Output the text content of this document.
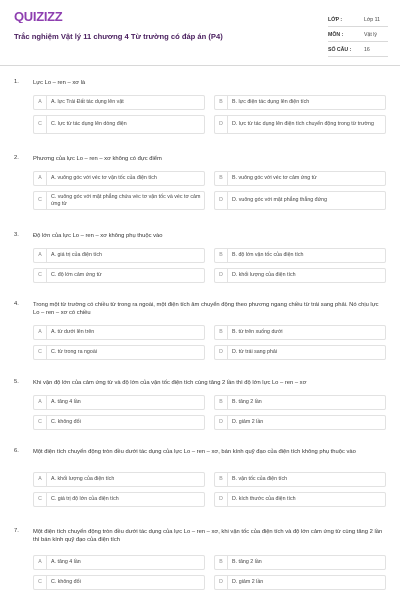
QUIZIZZ
Trắc nghiệm Vật lý 11 chương 4 Từ trường có đáp án (P4)
LỚP :	Lớp 11
MÔN :	Vật lý
SỐ CÂU : 16
1. Lực Lo – ren – xơ là
A	A. lực Trái Đất tác dụng lên vật	B	B. lực điện tác dụng lên điện tích
C	C. lực từ tác dụng lên dòng điện	D	D. lực từ tác dụng lên điện tích chuyển động trong từ trường
2. Phương của lực Lo – ren – xơ không có đực điểm
A	A. vuông góc với véc tơ vận tốc của điện tích	B	B. vuông góc với véc tơ cảm ứng từ
C	C. vuông góc với mặt phẳng chứa véc tơ vận tốc và véc tơ cảm ứng từ
D	D. vuông góc với mặt phẳng thẳng đứng
3. Độ lớn của lực Lo – ren – xơ không phụ thuộc vào
A	A. giá trị của điện tích	B	B. độ lớn vận tốc của điện tích
C	C. độ lớn cảm ứng từ	D	D. khối lượng của điện tích
4. Trong một từ trường có chiều từ trong ra ngoài, một điện tích âm chuyển động theo phương ngang chiều từ trái sang phải. Nó chịu lực Lo – ren – xơ có chiều
A	A. từ dưới lên trên	B	B. từ trên xuống dưới
C	C. từ trong ra ngoài	D	D. từ trái sang phải
5. Khi vận độ lớn của cảm ứng từ và độ lớn của vận tốc điện tích cùng tăng 2 lần thì độ lớn lực Lo – ren – xơ
A	A. tăng 4 lần	B	B. tăng 2 lần
C	C. không đổi	D	D. giảm 2 lần
6. Một điện tích chuyển động tròn đều dưới tác dụng của lực Lo – ren – xơ, bán kính quỹ đạo của điện tích không phụ thuộc vào
A	A. khối lượng của điện tích	B	B. vận tốc của điện tích
C	C. giá trị độ lớn của điện tích	D	D. kích thước của điện tích
7. Một điện tích chuyển động tròn đều dưới tác dụng của lực Lo – ren – xơ, khi vận tốc của điện tích và độ lớn cảm ứng từ cùng tăng 2 lần thì bán kính quỹ đạo của điện tích
A	A. tăng 4 lần	B	B. tăng 2 lần
C	C. không đổi	D	D. giảm 2 lần
